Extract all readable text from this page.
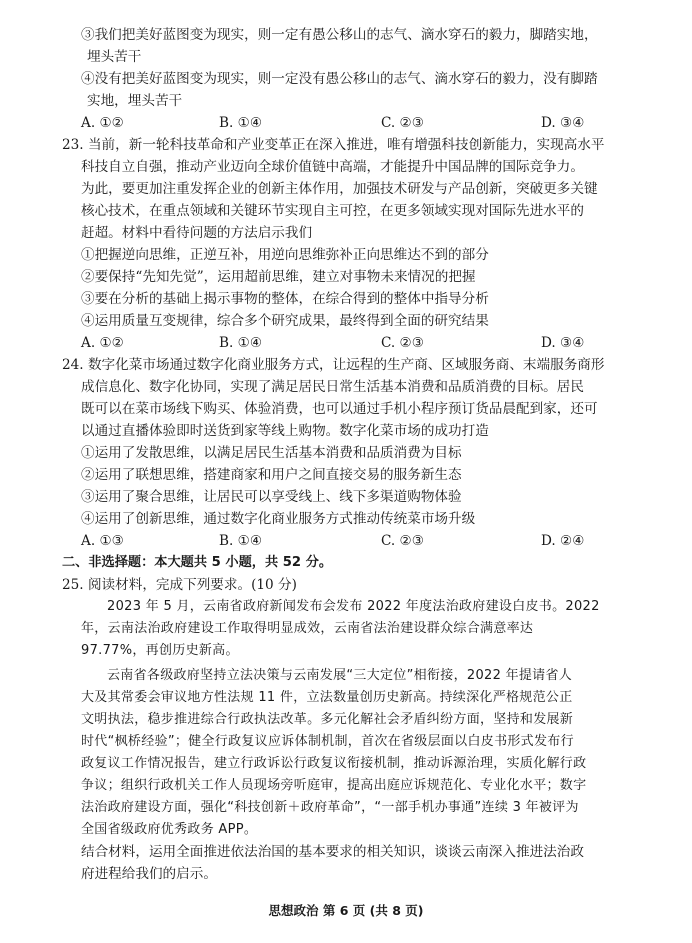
③我们把美好蓝图变为现实，则一定有愚公移山的志气、滴水穿石的毅力，脚踏实地，
埋头苦干
④没有把美好蓝图变为现实，则一定没有愚公移山的志气、滴水穿石的毅力，没有脚踏
实地，埋头苦干
A. ①②	B. ①④	C. ②③	D. ③④
23. 当前，新一轮科技革命和产业变革正在深入推进，唯有增强科技创新能力，实现高水平
科技自立自强，推动产业迈向全球价值链中高端，才能提升中国品牌的国际竞争力。
为此，要更加注重发挥企业的创新主体作用，加强技术研发与产品创新，突破更多关键
核心技术，在重点领域和关键环节实现自主可控，在更多领域实现对国际先进水平的
赶超。材料中看待问题的方法启示我们
①把握逆向思维，正逆互补，用逆向思维弥补正向思维达不到的部分
②要保持“先知先觉”，运用超前思维，建立对事物未来情况的把握
③要在分析的基础上揭示事物的整体，在综合得到的整体中指导分析
④运用质量互变规律，综合多个研究成果，最终得到全面的研究结果
A. ①②	B. ①④	C. ②③	D. ③④
24. 数字化菜市场通过数字化商业服务方式，让远程的生产商、区域服务商、末端服务商形
成信息化、数字化协同，实现了满足居民日常生活基本消费和品质消费的目标。居民
既可以在菜市场线下购买、体验消费，也可以通过手机小程序预订货品晨配到家，还可
以通过直播体验即时送货到家等线上购物。数字化菜市场的成功打造
①运用了发散思维，以满足居民生活基本消费和品质消费为目标
②运用了联想思维，搭建商家和用户之间直接交易的服务新生态
③运用了聚合思维，让居民可以享受线上、线下多渠道购物体验
④运用了创新思维，通过数字化商业服务方式推动传统菜市场升级
A. ①③	B. ①④	C. ②③	D. ②④
二、非选择题：本大题共 5 小题，共 52 分。
25. 阅读材料，完成下列要求。(10 分)
2023 年 5 月，云南省政府新闻发布会发布 2022 年度法治政府建设白皮书。2022
年，云南法治政府建设工作取得明显成效，云南省法治建设群众综合满意率达
97.77%，再创历史新高。
云南省各级政府坚持立法决策与云南发展“三大定位”相衔接，2022 年提请省人
大及其常委会审议地方性法规 11 件，立法数量创历史新高。持续深化严格规范公正
文明执法，稳步推进综合行政执法改革。多元化解社会矛盾纠纷方面，坚持和发展新
时代“枫桥经验”；健全行政复议应诉体制机制，首次在省级层面以白皮书形式发布行
政复议工作情况报告，建立行政诉讼行政复议衔接机制，推动诉源治理，实质化解行政
争议；组织行政机关工作人员现场旁听庭审，提高出庭应诉规范化、专业化水平；数字
法治政府建设方面，强化“科技创新＋政府革命”，“一部手机办事通”连续 3 年被评为
全国省级政府优秀政务 APP。
结合材料，运用全面推进依法治国的基本要求的相关知识，谈谈云南深入推进法治政
府进程给我们的启示。
思想政治 第 6 页 (共 8 页)
